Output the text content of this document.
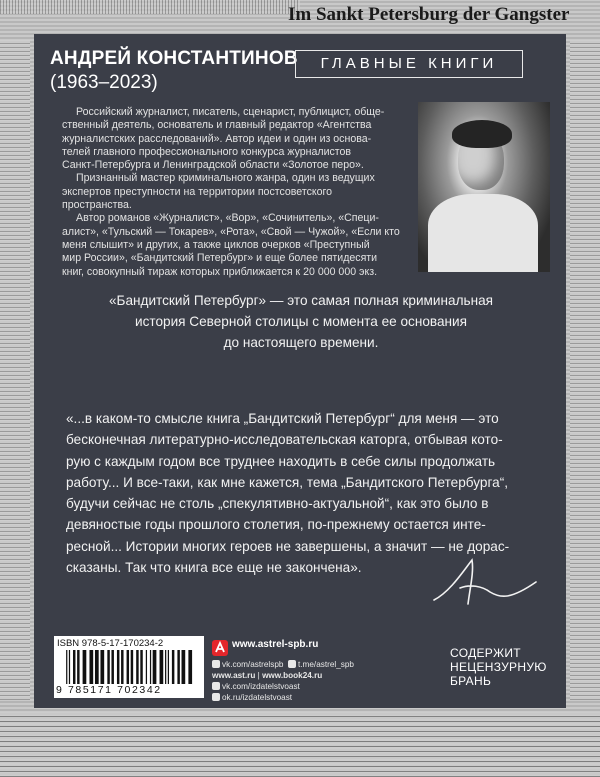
Im Sankt Petersburg der Gangster
АНДРЕЙ КОНСТАНТИНОВ
(1963–2023)
ГЛАВНЫЕ КНИГИ
Российский журналист, писатель, сценарист, публицист, обще-
ственный деятель, основатель и главный редактор «Агентства
журналистских расследований». Автор идеи и один из основа-
телей главного профессионального конкурса журналистов
Санкт-Петербурга и Ленинградской области «Золотое перо».
Признанный мастер криминального жанра, один из ведущих
экспертов преступности на территории постсоветского
пространства.
Автор романов «Журналист», «Вор», «Сочинитель», «Специ-
алист», «Тульский — Токарев», «Рота», «Свой — Чужой», «Если кто
меня слышит» и других, а также циклов очерков «Преступный
мир России», «Бандитский Петербург» и еще более пятидесяти
книг, совокупный тираж которых приближается к 20 000 000 экз.
«Бандитский Петербург» — это самая полная криминальная
история Северной столицы с момента ее основания
до настоящего времени.
«...в каком-то смысле книга „Бандитский Петербург“ для меня — это
бесконечная литературно-исследовательская каторга, отбывая кото-
рую с каждым годом все труднее находить в себе силы продолжать
работу... И все-таки, как мне кажется, тема „Бандитского Петербурга“,
будучи сейчас не столь „спекулятивно-актуальной“, как это было в
девяностые годы прошлого столетия, по-прежнему остается инте-
ресной... Истории многих героев не завершены, а значит — не дорас-
сказаны. Так что книга все еще не закончена».
ISBN 978-5-17-170234-2
9 785171 702342
www.astrel-spb.ru
vk.com/astrelspb t.me/astrel_spb
www.ast.ru | www.book24.ru
vk.com/izdatelstvoast
ok.ru/izdatelstvoast
СОДЕРЖИТ
НЕЦЕНЗУРНУЮ
БРАНЬ
